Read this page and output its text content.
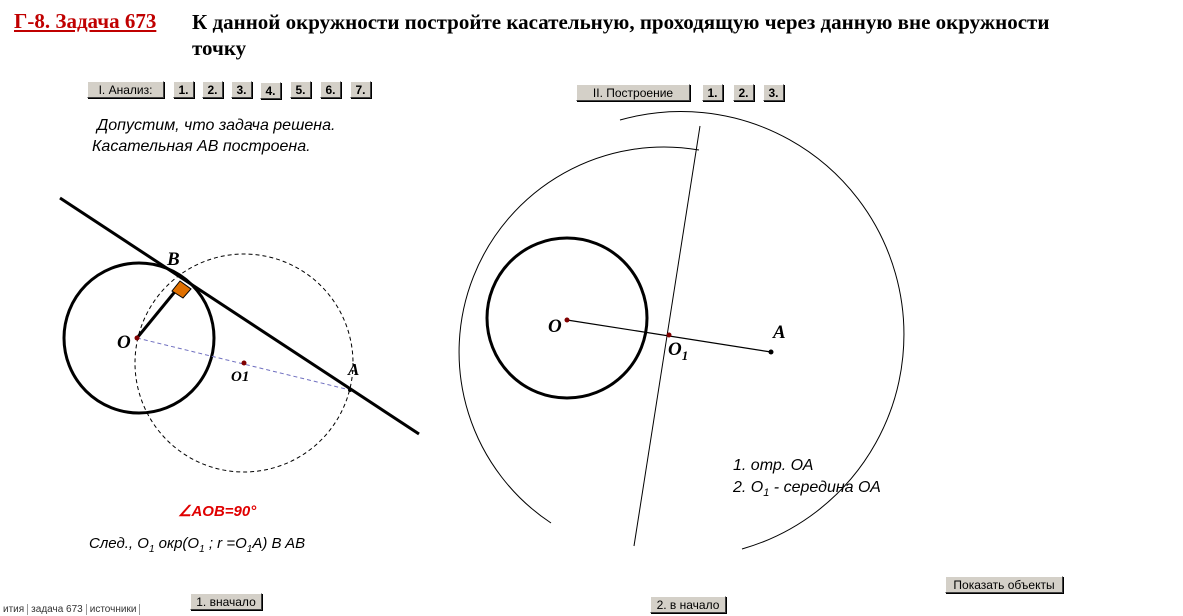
Г-8. Задача 673 К данной окружности постройте касательную, проходящую через данную вне окружности точку
I. Анализ:	1.	2.	3.	4.	5.	6.	7.	II. Построение	1.	2.	3.
Допустим, что задача решена.
Касательная АВ построена.
B
O
O1	A
∠AOB=90°
След., $O_1$ $окр(O_1$ ; $r =O_1A$) B AB
O
$O_1$
A
1. отр. ОА
2. $О_1$ - середина ОА
1. вначало	2. в начало
Показать объекты
ития задача 673 источники
